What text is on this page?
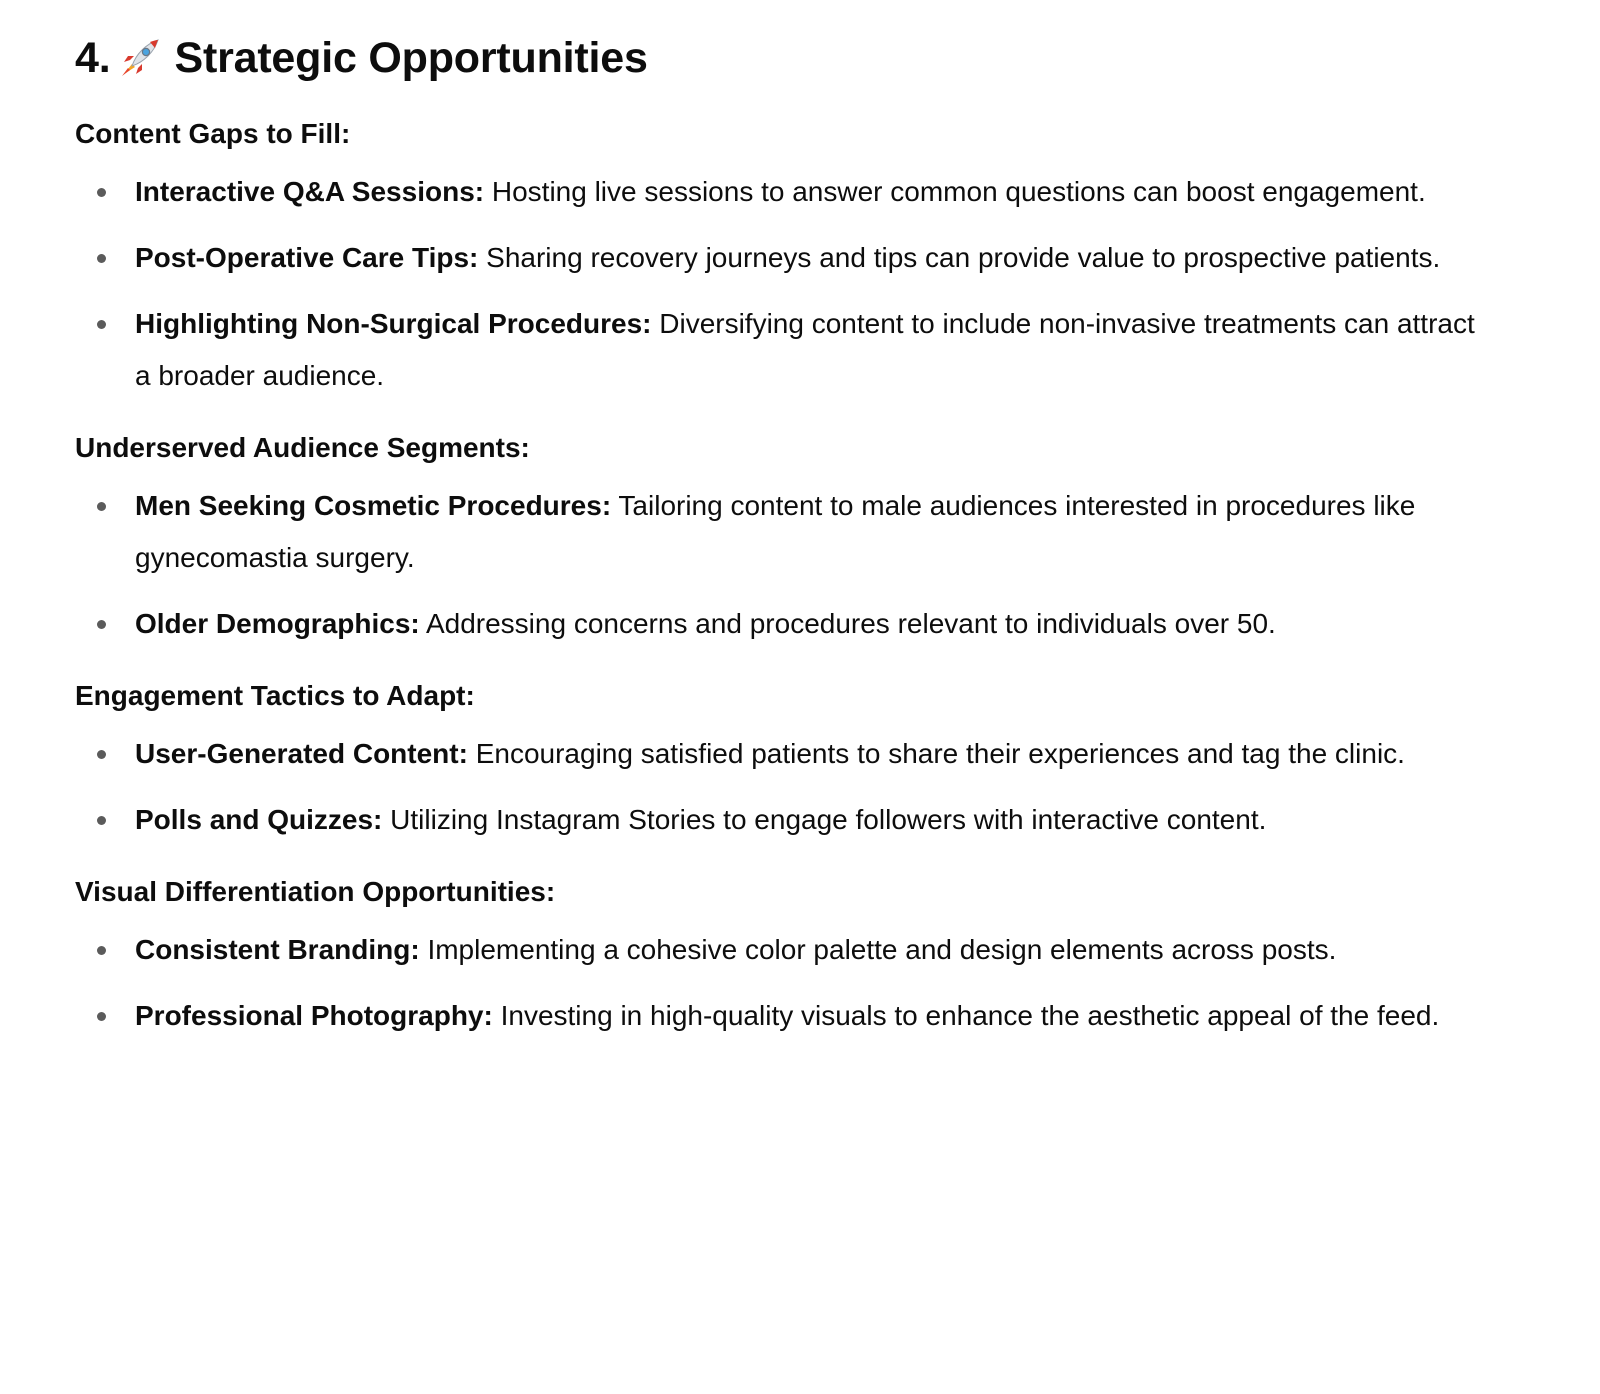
4. Strategic Opportunities
Content Gaps to Fill:
Interactive Q&A Sessions: Hosting live sessions to answer common questions can boost engagement.
Post-Operative Care Tips: Sharing recovery journeys and tips can provide value to prospective patients.
Highlighting Non-Surgical Procedures: Diversifying content to include non-invasive treatments can attract a broader audience.
Underserved Audience Segments:
Men Seeking Cosmetic Procedures: Tailoring content to male audiences interested in procedures like gynecomastia surgery.
Older Demographics: Addressing concerns and procedures relevant to individuals over 50.
Engagement Tactics to Adapt:
User-Generated Content: Encouraging satisfied patients to share their experiences and tag the clinic.
Polls and Quizzes: Utilizing Instagram Stories to engage followers with interactive content.
Visual Differentiation Opportunities:
Consistent Branding: Implementing a cohesive color palette and design elements across posts.
Professional Photography: Investing in high-quality visuals to enhance the aesthetic appeal of the feed.
